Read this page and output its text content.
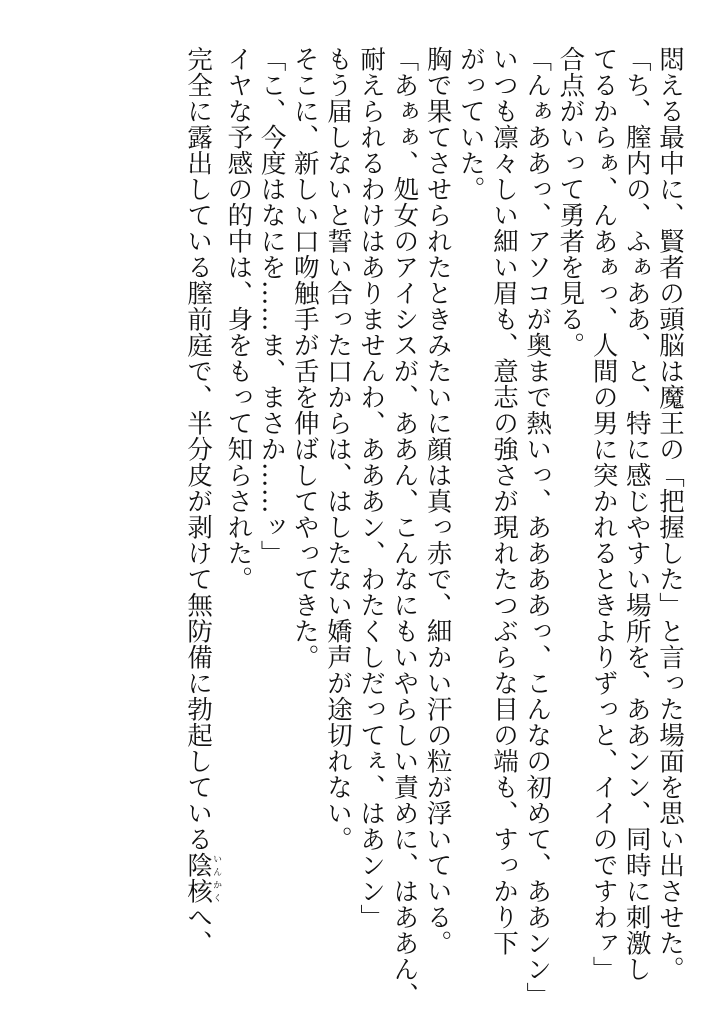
悶える最中に、賢者の頭脳は魔王の「把握した」と言った場面を思い出させた。
「ち、膣内の、ふぁああ、と、特に感じやすい場所を、ああンン、同時に刺激し
てるからぁ、んあぁっ、人間の男に突かれるときよりずっと、イイのですわァ」
合点がいって勇者を見る。
「んぁああっ、アソコが奥まで熱いっ、ああああっ、こんなの初めて、ああンン」
いつも凛々しい細い眉も、意志の強さが現れたつぶらな目の端も、すっかり下
がっていた。
胸で果てさせられたときみたいに顔は真っ赤で、細かい汗の粒が浮いている。
「あぁぁ、処女のアイシスが、ああん、こんなにもいやらしい責めに、はああん、
耐えられるわけはありませんわ、あああン、わたくしだってぇ、はあンン」
もう届しないと誓い合った口からは、はしたない嬌声が途切れない。
そこに、新しい口吻触手が舌を伸ばしてやってきた。
「こ、今度はなにを……ま、まさか……ッ」
イヤな予感の的中は、身をもって知らされた。
完全に露出している膣前庭で、半分皮が剥けて無防備に勃起している陰核いんかくへ、
